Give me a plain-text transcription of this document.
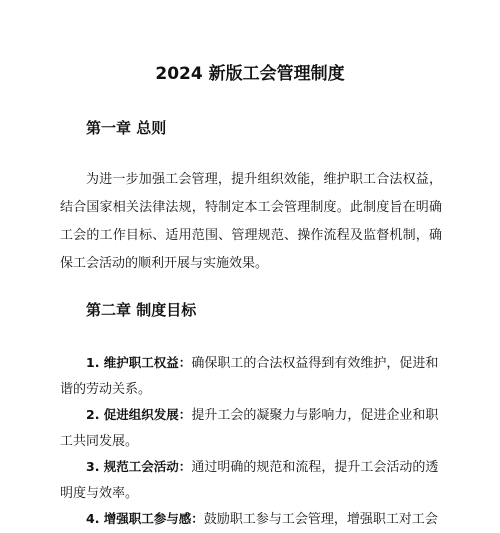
2024 新版工会管理制度
第一章 总则

为进一步加强工会管理，提升组织效能，维护职工合法权益，结合国家相关法律法规，特制定本工会管理制度。此制度旨在明确工会的工作目标、适用范围、管理规范、操作流程及监督机制，确保工会活动的顺利开展与实施效果。

第二章 制度目标

1. 维护职工权益：确保职工的合法权益得到有效维护，促进和谐的劳动关系。

2. 促进组织发展：提升工会的凝聚力与影响力，促进企业和职工共同发展。

3. 规范工会活动：通过明确的规范和流程，提升工会活动的透明度与效率。

4. 增强职工参与感：鼓励职工参与工会管理，增强职工对工会
